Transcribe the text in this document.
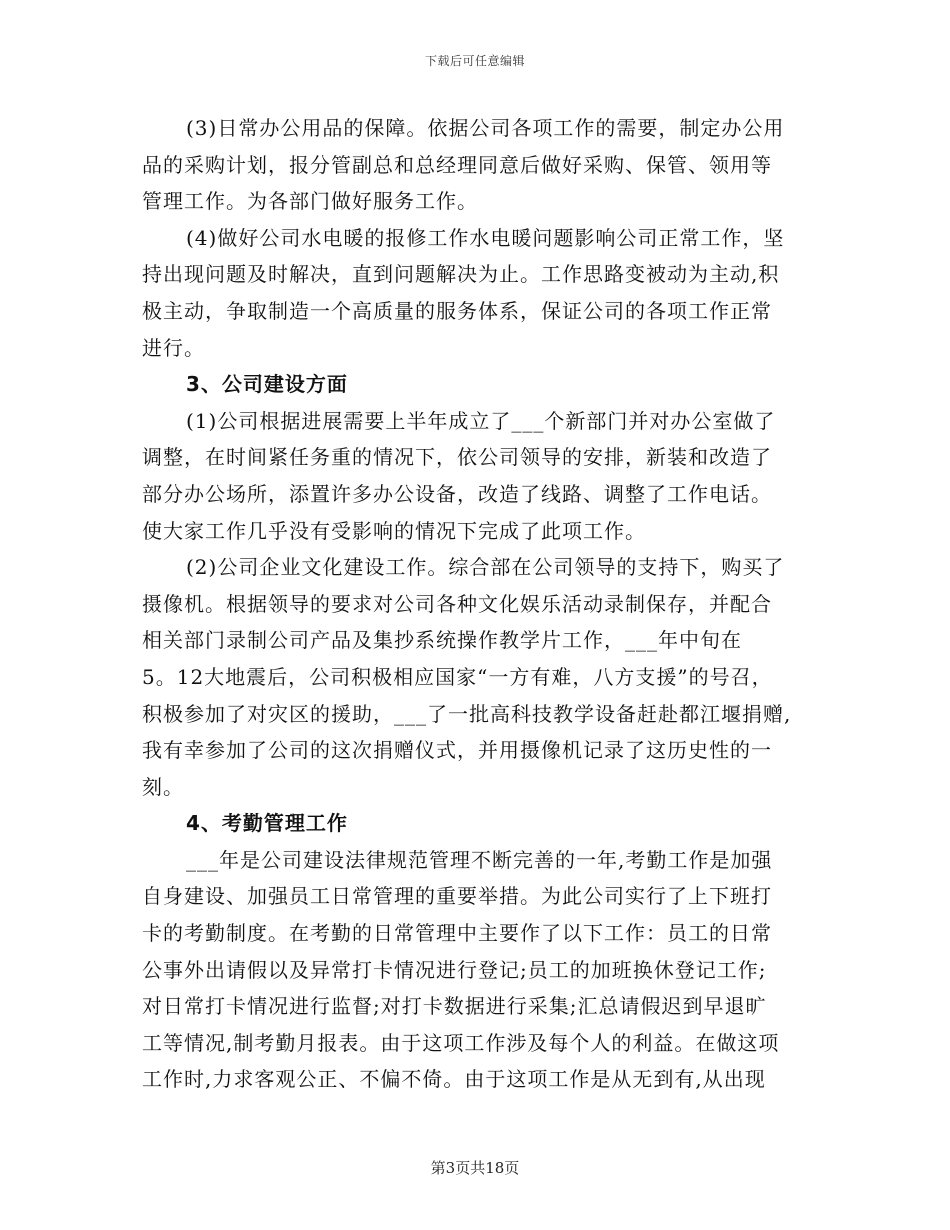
下载后可任意编辑
(3)日常办公用品的保障。依据公司各项工作的需要，制定办公用
品的采购计划，报分管副总和总经理同意后做好采购、保管、领用等
管理工作。为各部门做好服务工作。
(4)做好公司水电暖的报修工作水电暖问题影响公司正常工作，坚
持出现问题及时解决，直到问题解决为止。工作思路变被动为主动,积
极主动，争取制造一个高质量的服务体系，保证公司的各项工作正常
进行。
3、公司建设方面
(1)公司根据进展需要上半年成立了___个新部门并对办公室做了
调整，在时间紧任务重的情况下，依公司领导的安排，新装和改造了
部分办公场所，添置许多办公设备，改造了线路、调整了工作电话。
使大家工作几乎没有受影响的情况下完成了此项工作。
(2)公司企业文化建设工作。综合部在公司领导的支持下，购买了
摄像机。根据领导的要求对公司各种文化娱乐活动录制保存，并配合
相关部门录制公司产品及集抄系统操作教学片工作，___年中旬在
5。12大地震后，公司积极相应国家“一方有难，八方支援”的号召，
积极参加了对灾区的援助，___了一批高科技教学设备赶赴都江堰捐赠,
我有幸参加了公司的这次捐赠仪式，并用摄像机记录了这历史性的一
刻。
4、考勤管理工作
___年是公司建设法律规范管理不断完善的一年,考勤工作是加强
自身建设、加强员工日常管理的重要举措。为此公司实行了上下班打
卡的考勤制度。在考勤的日常管理中主要作了以下工作：员工的日常
公事外出请假以及异常打卡情况进行登记;员工的加班换休登记工作;
对日常打卡情况进行监督;对打卡数据进行采集;汇总请假迟到早退旷
工等情况,制考勤月报表。由于这项工作涉及每个人的利益。在做这项
工作时,力求客观公正、不偏不倚。由于这项工作是从无到有,从出现
第3页共18页
